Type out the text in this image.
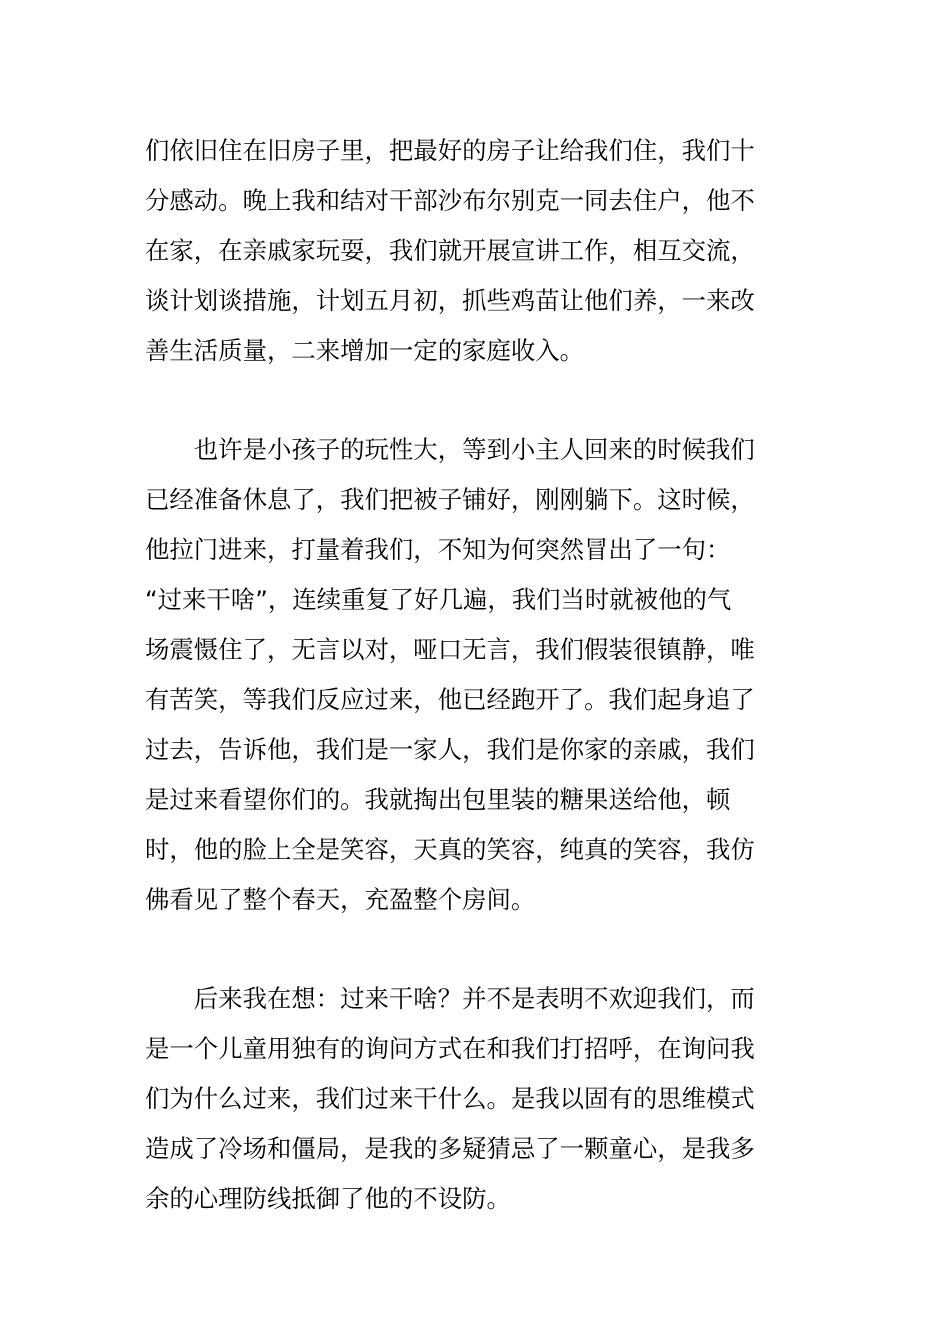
们依旧住在旧房子里，把最好的房子让给我们住，我们十
分感动。晚上我和结对干部沙布尔别克一同去住户，他不
在家，在亲戚家玩耍，我们就开展宣讲工作，相互交流，
谈计划谈措施，计划五月初，抓些鸡苗让他们养，一来改
善生活质量，二来增加一定的家庭收入。
　　也许是小孩子的玩性大，等到小主人回来的时候我们
已经准备休息了，我们把被子铺好，刚刚躺下。这时候，
他拉门进来，打量着我们，不知为何突然冒出了一句：
“过来干啥”，连续重复了好几遍，我们当时就被他的气
场震慑住了，无言以对，哑口无言，我们假装很镇静，唯
有苦笑，等我们反应过来，他已经跑开了。我们起身追了
过去，告诉他，我们是一家人，我们是你家的亲戚，我们
是过来看望你们的。我就掏出包里装的糖果送给他，顿
时，他的脸上全是笑容，天真的笑容，纯真的笑容，我仿
佛看见了整个春天，充盈整个房间。
　　后来我在想：过来干啥？并不是表明不欢迎我们，而
是一个儿童用独有的询问方式在和我们打招呼，在询问我
们为什么过来，我们过来干什么。是我以固有的思维模式
造成了冷场和僵局，是我的多疑猜忌了一颗童心，是我多
余的心理防线抵御了他的不设防。
